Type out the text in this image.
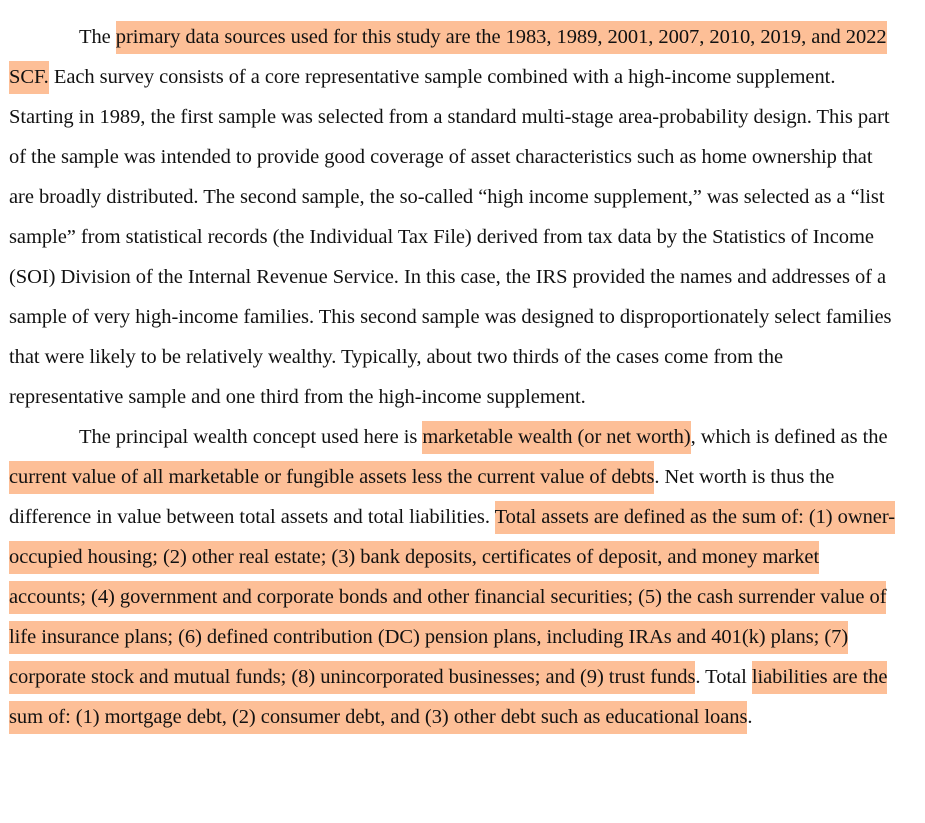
The primary data sources used for this study are the 1983, 1989, 2001, 2007, 2010, 2019, and 2022 SCF. Each survey consists of a core representative sample combined with a high-income supplement. Starting in 1989, the first sample was selected from a standard multi-stage area-probability design. This part of the sample was intended to provide good coverage of asset characteristics such as home ownership that are broadly distributed. The second sample, the so-called “high income supplement,” was selected as a “list sample” from statistical records (the Individual Tax File) derived from tax data by the Statistics of Income (SOI) Division of the Internal Revenue Service. In this case, the IRS provided the names and addresses of a sample of very high-income families. This second sample was designed to disproportionately select families that were likely to be relatively wealthy. Typically, about two thirds of the cases come from the representative sample and one third from the high-income supplement.

The principal wealth concept used here is marketable wealth (or net worth), which is defined as the current value of all marketable or fungible assets less the current value of debts. Net worth is thus the difference in value between total assets and total liabilities. Total assets are defined as the sum of: (1) owner-occupied housing; (2) other real estate; (3) bank deposits, certificates of deposit, and money market accounts; (4) government and corporate bonds and other financial securities; (5) the cash surrender value of life insurance plans; (6) defined contribution (DC) pension plans, including IRAs and 401(k) plans; (7) corporate stock and mutual funds; (8) unincorporated businesses; and (9) trust funds. Total liabilities are the sum of: (1) mortgage debt, (2) consumer debt, and (3) other debt such as educational loans.
